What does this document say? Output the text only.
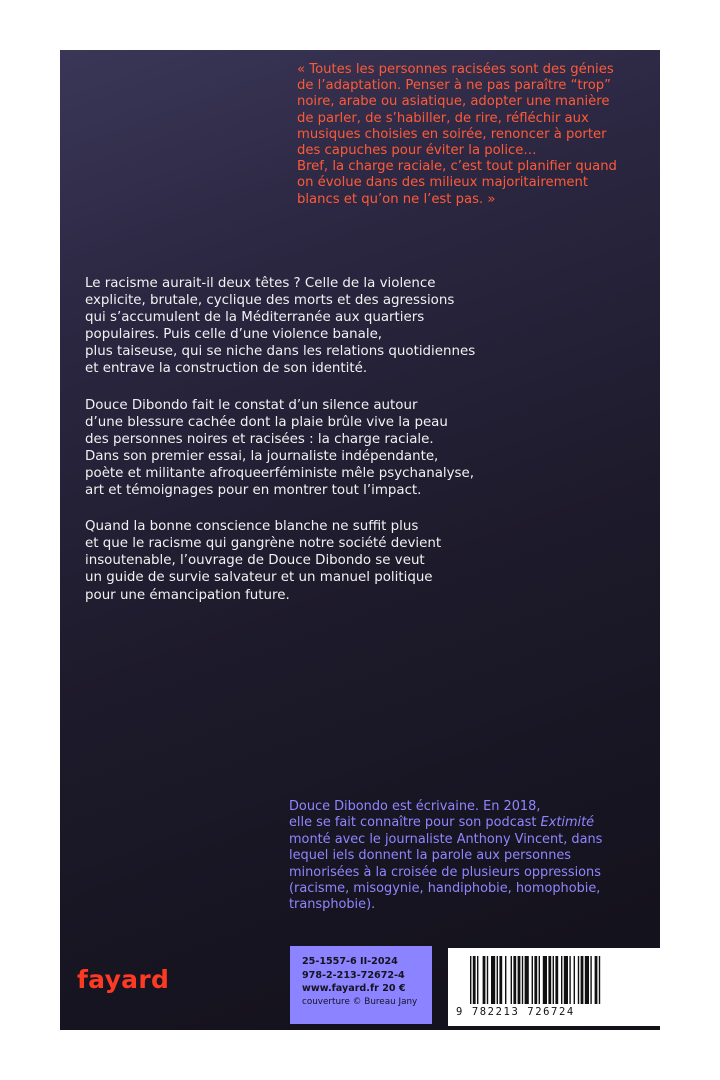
« Toutes les personnes racisées sont des génies
de l’adaptation. Penser à ne pas paraître “trop”
noire, arabe ou asiatique, adopter une manière
de parler, de s’habiller, de rire, réfléchir aux
musiques choisies en soirée, renoncer à porter
des capuches pour éviter la police…
Bref, la charge raciale, c’est tout planifier quand
on évolue dans des milieux majoritairement
blancs et qu’on ne l’est pas. »

Le racisme aurait-il deux têtes ? Celle de la violence
explicite, brutale, cyclique des morts et des agressions
qui s’accumulent de la Méditerranée aux quartiers
populaires. Puis celle d’une violence banale,
plus taiseuse, qui se niche dans les relations quotidiennes
et entrave la construction de son identité.

Douce Dibondo fait le constat d’un silence autour
d’une blessure cachée dont la plaie brûle vive la peau
des personnes noires et racisées : la charge raciale.
Dans son premier essai, la journaliste indépendante,
poète et militante afroqueerféministe mêle psychanalyse,
art et témoignages pour en montrer tout l’impact.

Quand la bonne conscience blanche ne suffit plus
et que le racisme qui gangrène notre société devient
insoutenable, l’ouvrage de Douce Dibondo se veut
un guide de survie salvateur et un manuel politique
pour une émancipation future.

Douce Dibondo est écrivaine. En 2018,
elle se fait connaître pour son podcast Extimité
monté avec le journaliste Anthony Vincent, dans
lequel iels donnent la parole aux personnes
minorisées à la croisée de plusieurs oppressions
(racisme, misogynie, handiphobie, homophobie,
transphobie).

fayard
25-1557-6 II-2024
978-2-213-72672-4
www.fayard.fr 20 €
couverture © Bureau Jany
9 782213 726724
